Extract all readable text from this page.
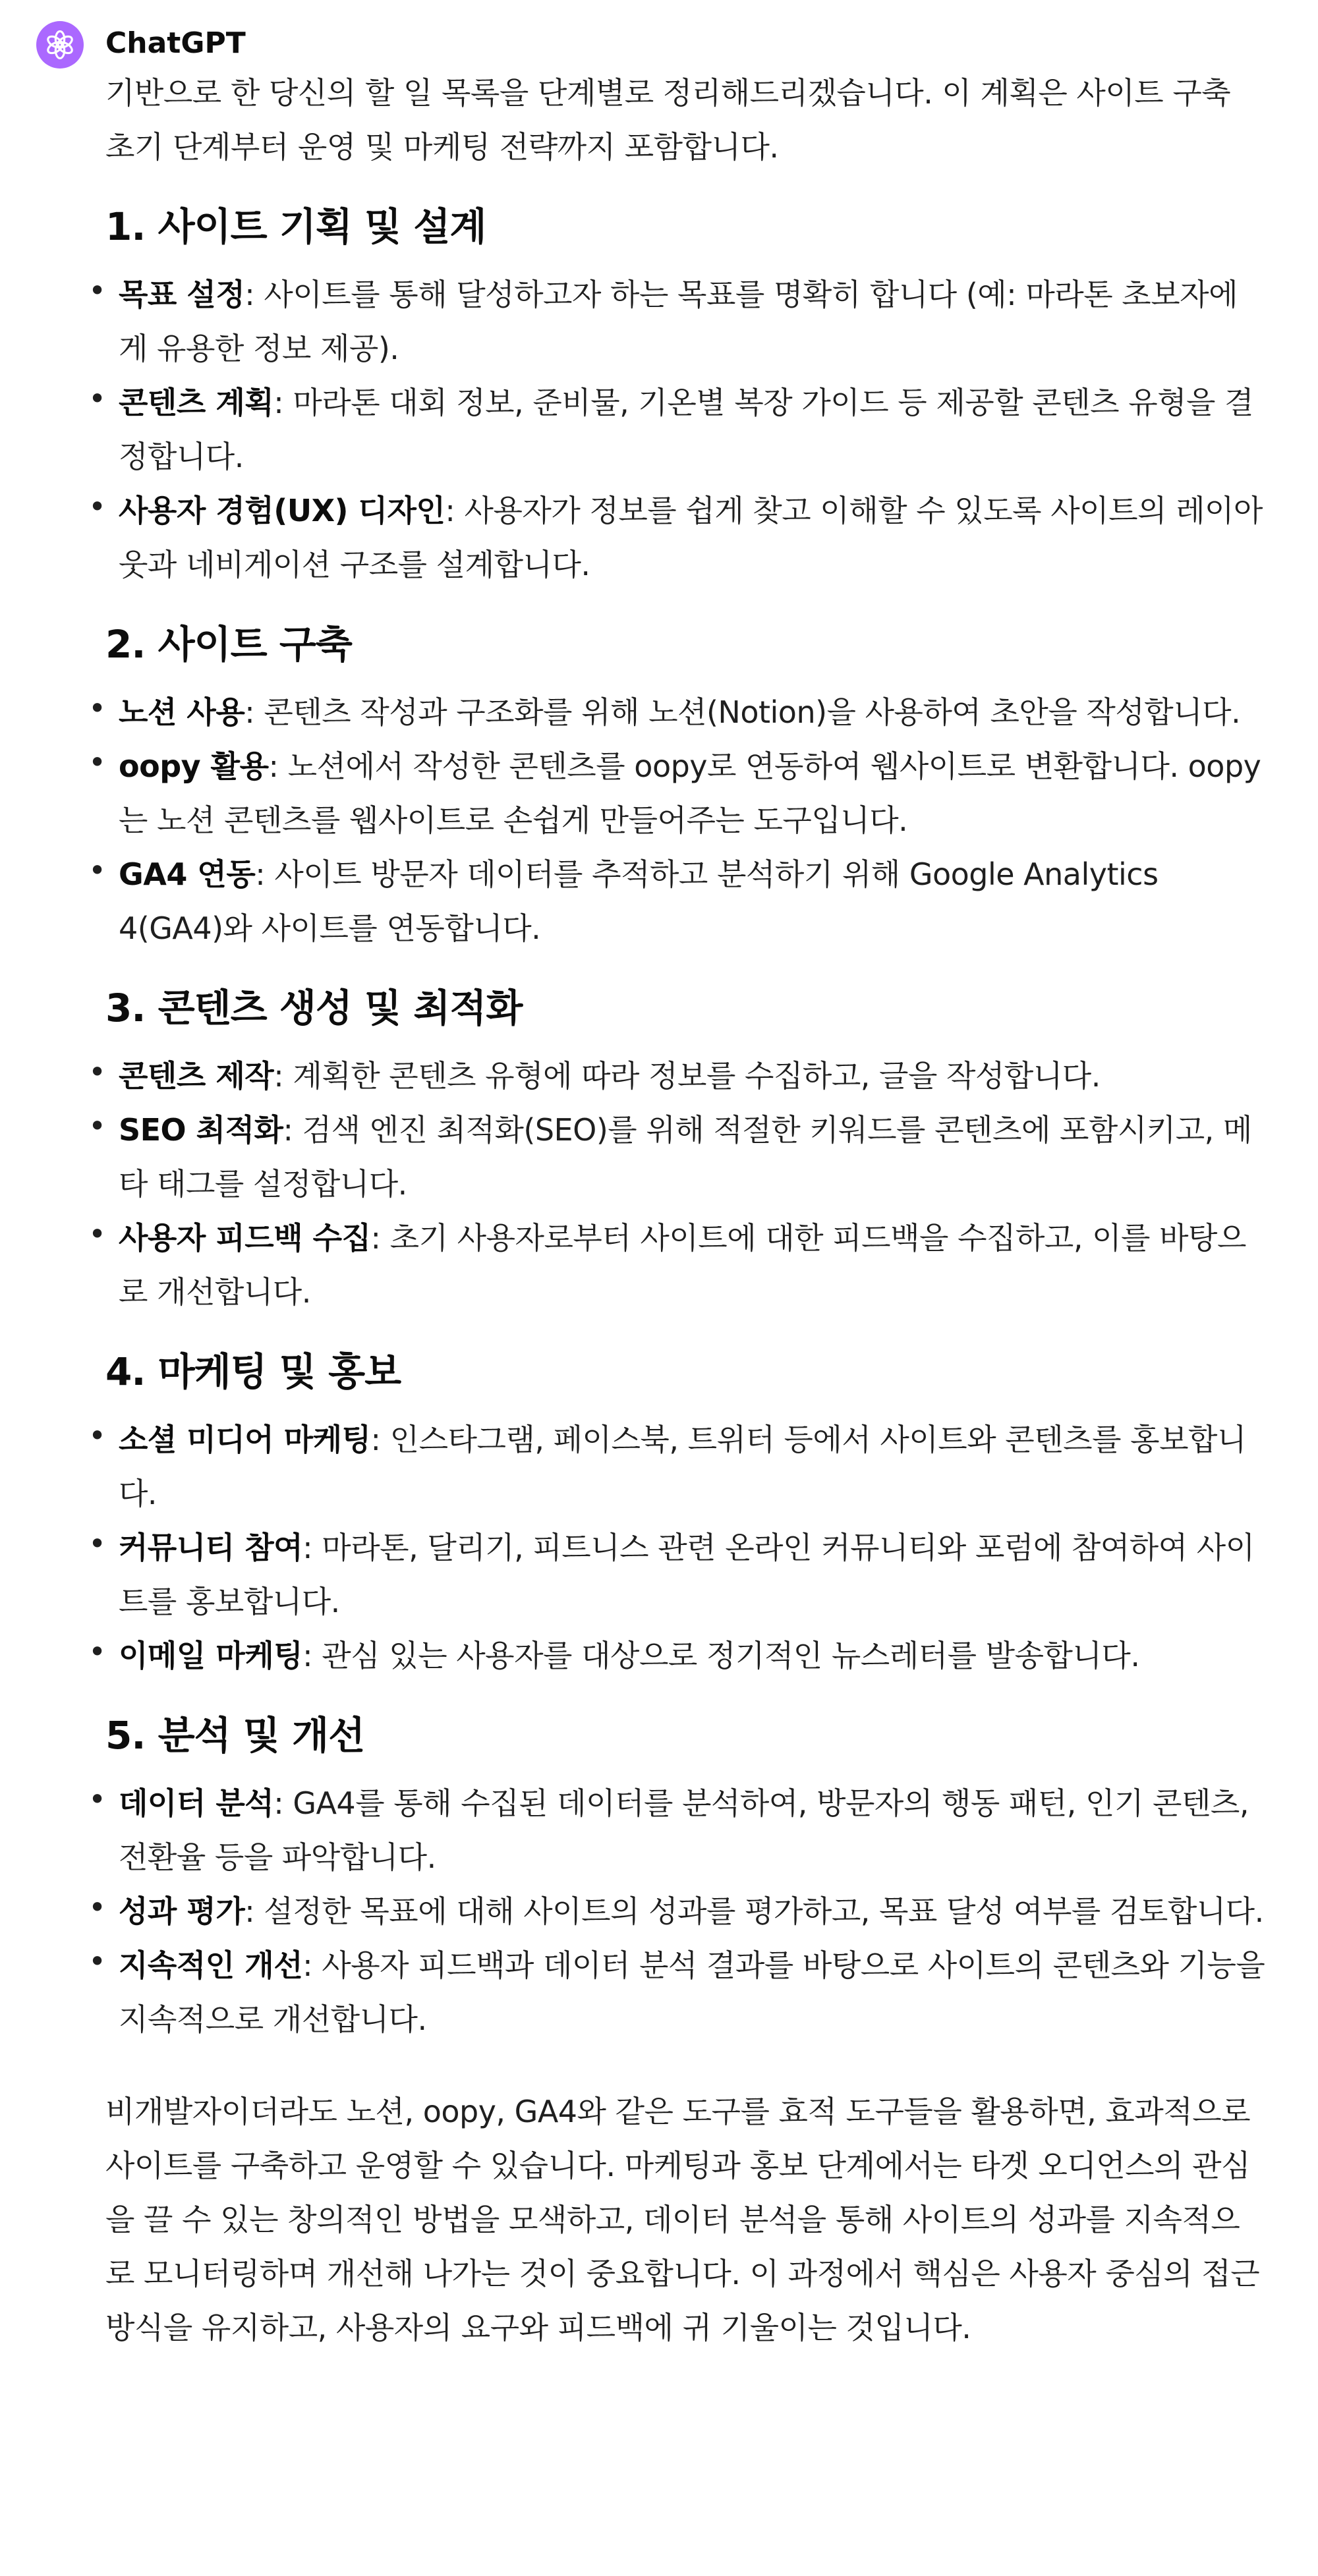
ChatGPT

기반으로 한 당신의 할 일 목록을 단계별로 정리해드리겠습니다. 이 계획은 사이트 구축 초기 단계부터 운영 및 마케팅 전략까지 포함합니다.

1. 사이트 기획 및 설계
• 목표 설정: 사이트를 통해 달성하고자 하는 목표를 명확히 합니다 (예: 마라톤 초보자에게 유용한 정보 제공).
• 콘텐츠 계획: 마라톤 대회 정보, 준비물, 기온별 복장 가이드 등 제공할 콘텐츠 유형을 결정합니다.
• 사용자 경험(UX) 디자인: 사용자가 정보를 쉽게 찾고 이해할 수 있도록 사이트의 레이아웃과 네비게이션 구조를 설계합니다.
2. 사이트 구축
• 노션 사용: 콘텐츠 작성과 구조화를 위해 노션(Notion)을 사용하여 초안을 작성합니다.
• oopy 활용: 노션에서 작성한 콘텐츠를 oopy로 연동하여 웹사이트로 변환합니다. oopy는 노션 콘텐츠를 웹사이트로 손쉽게 만들어주는 도구입니다.
• GA4 연동: 사이트 방문자 데이터를 추적하고 분석하기 위해 Google Analytics 4(GA4)와 사이트를 연동합니다.
3. 콘텐츠 생성 및 최적화
• 콘텐츠 제작: 계획한 콘텐츠 유형에 따라 정보를 수집하고, 글을 작성합니다.
• SEO 최적화: 검색 엔진 최적화(SEO)를 위해 적절한 키워드를 콘텐츠에 포함시키고, 메타 태그를 설정합니다.
• 사용자 피드백 수집: 초기 사용자로부터 사이트에 대한 피드백을 수집하고, 이를 바탕으로 개선합니다.
4. 마케팅 및 홍보
• 소셜 미디어 마케팅: 인스타그램, 페이스북, 트위터 등에서 사이트와 콘텐츠를 홍보합니다.
• 커뮤니티 참여: 마라톤, 달리기, 피트니스 관련 온라인 커뮤니티와 포럼에 참여하여 사이트를 홍보합니다.
• 이메일 마케팅: 관심 있는 사용자를 대상으로 정기적인 뉴스레터를 발송합니다.
5. 분석 및 개선
• 데이터 분석: GA4를 통해 수집된 데이터를 분석하여, 방문자의 행동 패턴, 인기 콘텐츠, 전환율 등을 파악합니다.
• 성과 평가: 설정한 목표에 대해 사이트의 성과를 평가하고, 목표 달성 여부를 검토합니다.
• 지속적인 개선: 사용자 피드백과 데이터 분석 결과를 바탕으로 사이트의 콘텐츠와 기능을 지속적으로 개선합니다.

비개발자이더라도 노션, oopy, GA4와 같은 도구를 효적 도구들을 활용하면, 효과적으로 사이트를 구축하고 운영할 수 있습니다. 마케팅과 홍보 단계에서는 타겟 오디언스의 관심을 끌 수 있는 창의적인 방법을 모색하고, 데이터 분석을 통해 사이트의 성과를 지속적으로 모니터링하며 개선해 나가는 것이 중요합니다. 이 과정에서 핵심은 사용자 중심의 접근 방식을 유지하고, 사용자의 요구와 피드백에 귀 기울이는 것입니다.
